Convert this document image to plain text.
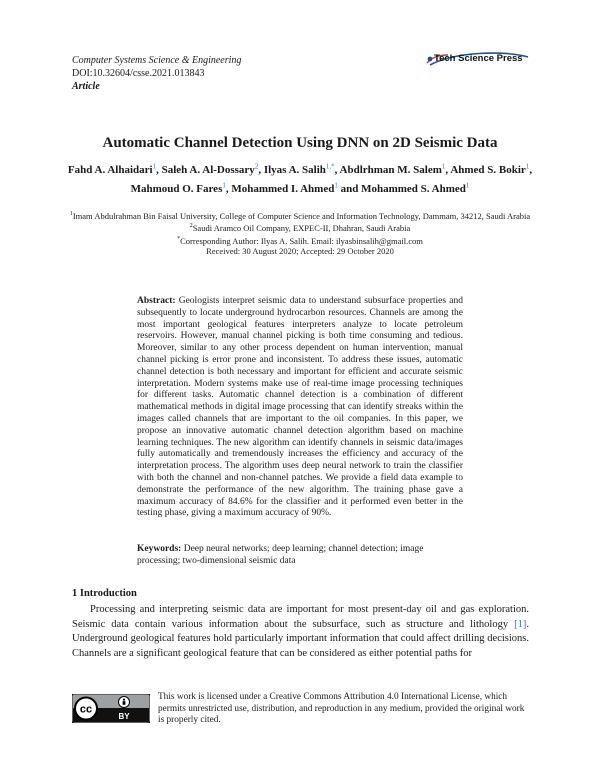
Computer Systems Science & Engineering
DOI:10.32604/csse.2021.013843
Article
Tech Science Press
Automatic Channel Detection Using DNN on 2D Seismic Data
Fahd A. Alhaidari$^1$, Saleh A. Al-Dossary$^2$, Ilyas A. Salih$^{1,*}$, Abdlrhman M. Salem$^1$, Ahmed S. Bokir$^1$,
Mahmoud O. Fares$^1$, Mohammed I. Ahmed$^1$ and Mohammed S. Ahmed$^1$

$^1$Imam Abdulrahman Bin Faisal University, College of Computer Science and Information Technology, Dammam, 34212, Saudi Arabia

$^2$Saudi Aramco Oil Company, EXPEC-II, Dhahran, Saudi Arabia

*Corresponding Author: Ilyas A. Salih. Email: ilyasbinsalih@gmail.com

Received: 30 August 2020; Accepted: 29 October 2020

Abstract: Geologists interpret seismic data to understand subsurface properties and subsequently to locate underground hydrocarbon resources. Channels are among the most important geological features interpreters analyze to locate petroleum reservoirs. However, manual channel picking is both time consuming and tedious. Moreover, similar to any other process dependent on human intervention, manual channel picking is error prone and inconsistent. To address these issues, automatic channel detection is both necessary and important for efficient and accurate seismic interpretation. Modern systems make use of real-time image processing techniques for different tasks. Automatic channel detection is a combination of different mathematical methods in digital image processing that can identify streaks within the images called channels that are important to the oil companies. In this paper, we propose an innovative automatic channel detection algorithm based on machine learning techniques. The new algorithm can identify channels in seismic data/images fully automatically and tremendously increases the efficiency and accuracy of the interpretation process. The algorithm uses deep neural network to train the classifier with both the channel and non-channel patches. We provide a field data example to demonstrate the performance of the new algorithm. The training phase gave a maximum accuracy of 84.6% for the classifier and it performed even better in the testing phase, giving a maximum accuracy of 90%.
Keywords: Deep neural networks; deep learning; channel detection; image processing; two-dimensional seismic data
1 Introduction
Processing and interpreting seismic data are important for most present-day oil and gas exploration. Seismic data contain various information about the subsurface, such as structure and lithology [1]. Underground geological features hold particularly important information that could affect drilling decisions. Channels are a significant geological feature that can be considered as either potential paths for
cc
BY
This work is licensed under a Creative Commons Attribution 4.0 International License, which permits unrestricted use, distribution, and reproduction in any medium, provided the original work is properly cited.
